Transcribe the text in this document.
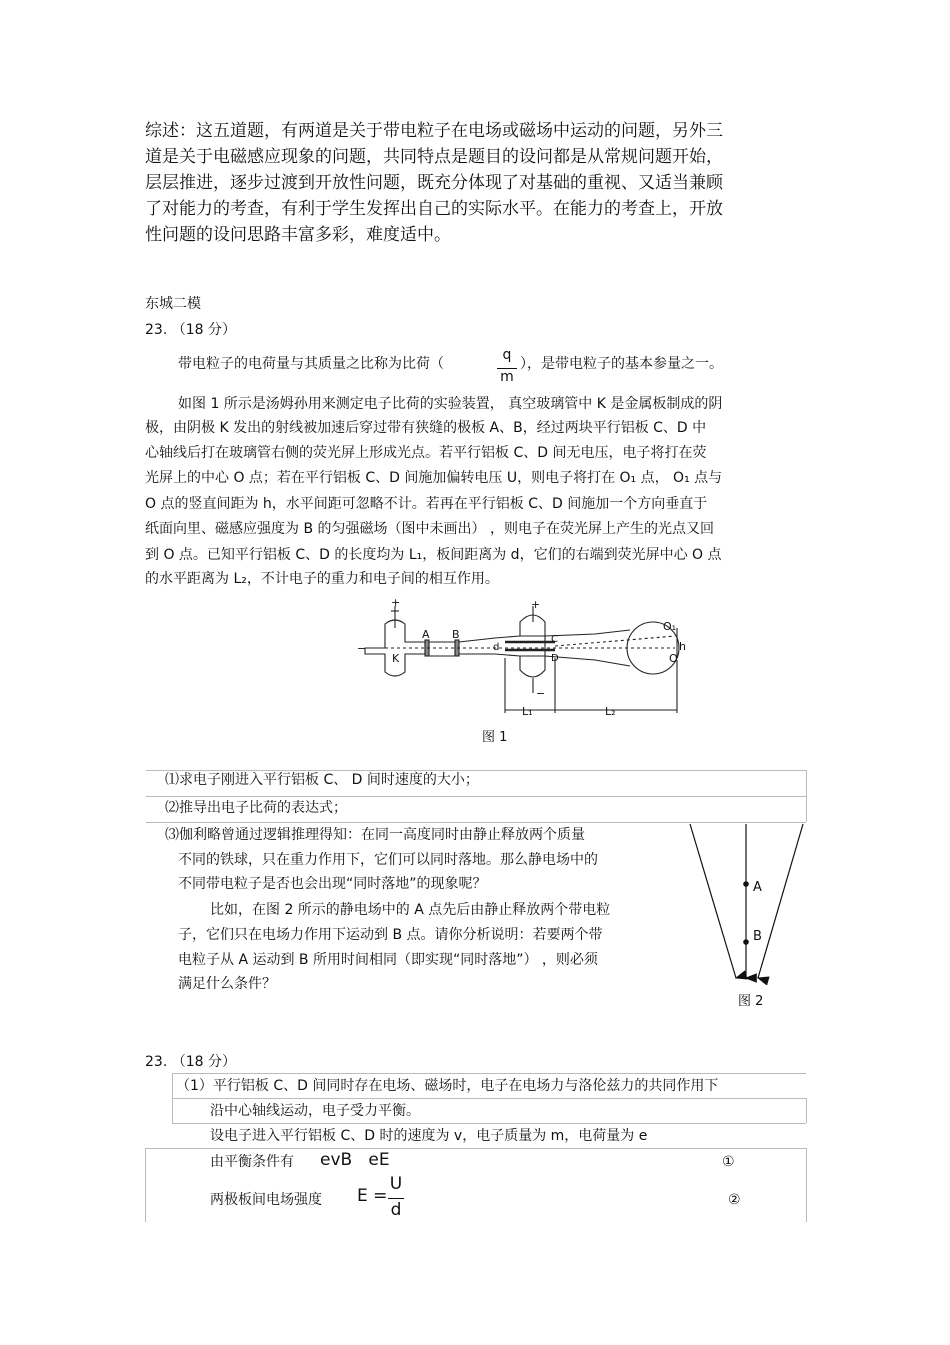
综述：这五道题，有两道是关于带电粒子在电场或磁场中运动的问题，另外三
道是关于电磁感应现象的问题，共同特点是题目的设问都是从常规问题开始，
层层推进，逐步过渡到开放性问题，既充分体现了对基础的重视、又适当兼顾
了对能力的考查，有利于学生发挥出自己的实际水平。在能力的考查上，开放
性问题的设问思路丰富多彩，难度适中。
东城二模
23. （18 分）
带电粒子的电荷量与其质量之比称为比荷（
q
m
），是带电粒子的基本参量之一。
如图 1 所示是汤姆孙用来测定电子比荷的实验装置， 真空玻璃管中 K 是金属板制成的阴
极，由阴极 K 发出的射线被加速后穿过带有狭缝的极板 A、B，经过两块平行铝板 C、D 中
心轴线后打在玻璃管右侧的荧光屏上形成光点。若平行铝板 C、D 间无电压，电子将打在荧
光屏上的中心 O 点；若在平行铝板 C、D 间施加偏转电压 U，则电子将打在 O₁ 点， O₁ 点与
O 点的竖直间距为 h，水平间距可忽略不计。若再在平行铝板 C、D 间施加一个方向垂直于
纸面向里、磁感应强度为 B 的匀强磁场（图中未画出） ，则电子在荧光屏上产生的光点又回
到 O 点。已知平行铝板 C、D 的长度均为 L₁，板间距离为 d，它们的右端到荧光屏中心 O 点
的水平距离为 L₂，不计电子的重力和电子间的相互作用。
+
−
K
A B
+
−
C
D
d
O₁
h
O
L₁	L₂
图 1
⑴求电子刚进入平行铝板 C、 D 间时速度的大小；
⑵推导出电子比荷的表达式；
⑶伽利略曾通过逻辑推理得知：在同一高度同时由静止释放两个质量
不同的铁球，只在重力作用下，它们可以同时落地。那么静电场中的
不同带电粒子是否也会出现“同时落地”的现象呢？
比如，在图 2 所示的静电场中的 A 点先后由静止释放两个带电粒
子，它们只在电场力作用下运动到 B 点。请你分析说明：若要两个带
电粒子从 A 运动到 B 所用时间相同（即实现“同时落地”） ，则必须
满足什么条件？
A
B
图 2
23. （18 分）
（1）平行铝板 C、D 间同时存在电场、磁场时，电子在电场力与洛伦兹力的共同作用下
沿中心轴线运动，电子受力平衡。
设电子进入平行铝板 C、D 时的速度为 v，电子质量为 m，电荷量为 e
由平衡条件有 evB   eE	①
两极板间电场强度 E =
U
d	②
